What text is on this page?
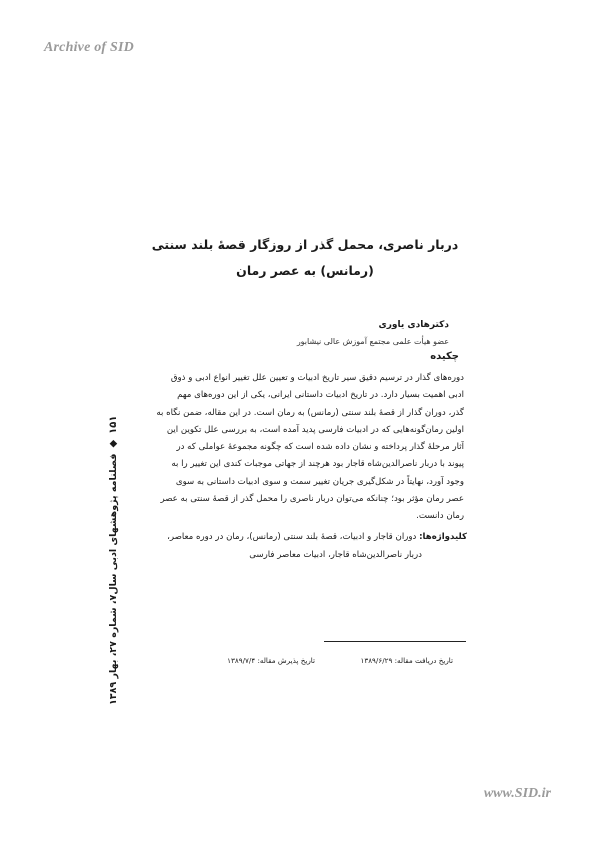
Archive of SID
دربار ناصری، محمل گذر از روزگار قصهٔ بلند سنتی
(رمانس) به عصر رمان
دکترهادی یاوری
عضو هیأت علمی مجتمع آموزش عالی نیشابور
چکیده
دوره‌های گذار در ترسیم دقیق سیر تاریخ ادبیات و تعیین علل تغییر انواع ادبی و ذوق
ادبی اهمیت بسیار دارد. در تاریخ ادبیات داستانی ایرانی، یکی از این دوره‌های مهم
گذر، دوران گذار از قصهٔ بلند سنتی (رمانس) به رمان است. در این مقاله، ضمن نگاه به
اولین رمان‌گونه‌هایی که در ادبیات فارسی پدید آمده است، به بررسی علل تکوین این
آثار مرحلهٔ گذار پرداخته و نشان داده شده است که چگونه مجموعهٔ عواملی که در
پیوند با دربار ناصرالدین‌شاه قاجار بود هرچند از جهاتی موجبات کندی این تغییر را به
وجود آورد، نهایتاً در شکل‌گیری جریان تغییر سمت و سوی ادبیات داستانی به سوی
عصر رمان مؤثر بود؛ چنانکه می‌توان دربار ناصری را محمل گذر از قصهٔ سنتی به عصر
رمان دانست.
کلیدواژه‌ها: دوران قاجار و ادبیات، قصهٔ بلند سنتی (رمانس)، رمان در دوره معاصر،
دربار ناصرالدین‌شاه قاجار، ادبیات معاصر فارسی
تاریخ دریافت مقاله: ۱۳۸۹/۶/۲۹
تاریخ پذیرش مقاله: ۱۳۸۹/۷/۴
۱۵۱
◆
فصلنامه پژوهشهای ادبی سال۷، شماره ۲۷، بهار ۱۳۸۹
www.SID.ir
